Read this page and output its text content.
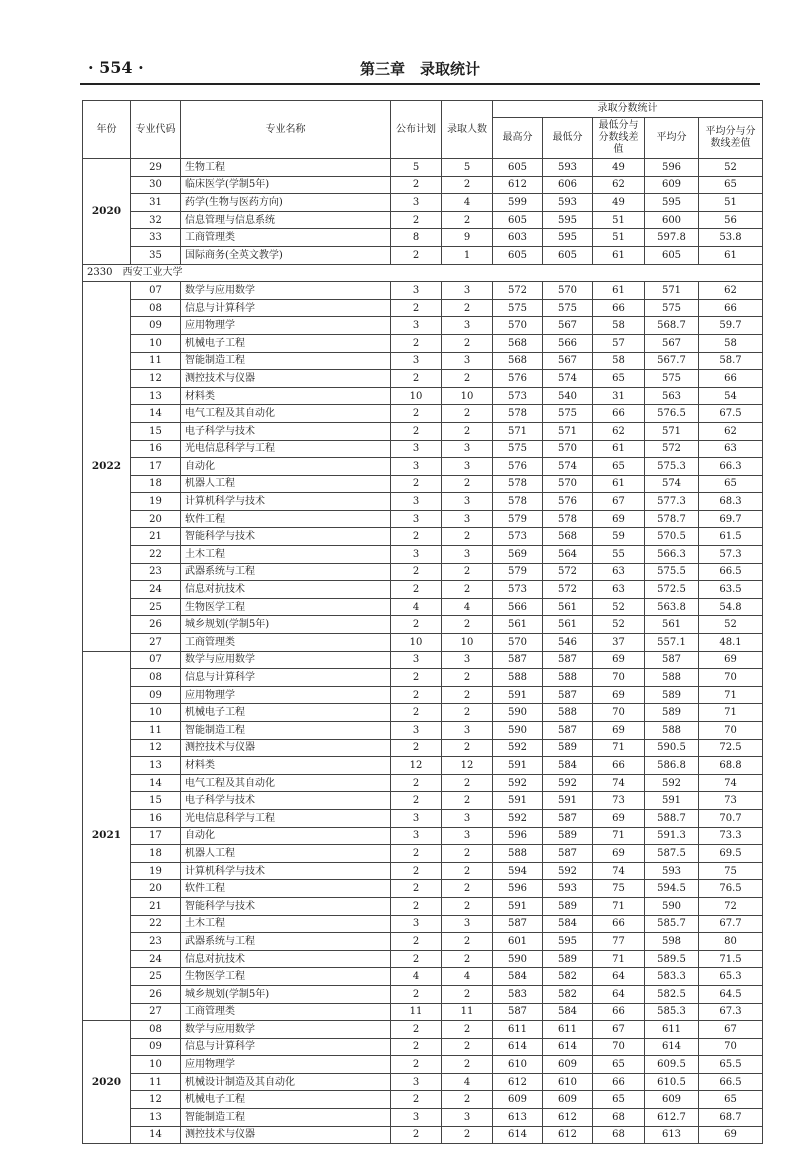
· 554 ·	第三章　录取统计
年份	专业代码	专业名称	公布计划	录取人数	录取分数统计				
					最高分	最低分	最低分与分数线差值	平均分	平均分与分数线差值
2020	29	生物工程	5	5	605	593	49	596	52
	30	临床医学(学制5年)	2	2	612	606	62	609	65
	31	药学(生物与医药方向)	3	4	599	593	49	595	51
	32	信息管理与信息系统	2	2	605	595	51	600	56
	33	工商管理类	8	9	603	595	51	597.8	53.8
	35	国际商务(全英文教学)	2	1	605	605	61	605	61
2330　西安工业大学									
2022	07	数学与应用数学	3	3	572	570	61	571	62
	08	信息与计算科学	2	2	575	575	66	575	66
	09	应用物理学	3	3	570	567	58	568.7	59.7
	10	机械电子工程	2	2	568	566	57	567	58
	11	智能制造工程	3	3	568	567	58	567.7	58.7
	12	测控技术与仪器	2	2	576	574	65	575	66
	13	材料类	10	10	573	540	31	563	54
	14	电气工程及其自动化	2	2	578	575	66	576.5	67.5
	15	电子科学与技术	2	2	571	571	62	571	62
	16	光电信息科学与工程	3	3	575	570	61	572	63
	17	自动化	3	3	576	574	65	575.3	66.3
	18	机器人工程	2	2	578	570	61	574	65
	19	计算机科学与技术	3	3	578	576	67	577.3	68.3
	20	软件工程	3	3	579	578	69	578.7	69.7
	21	智能科学与技术	2	2	573	568	59	570.5	61.5
	22	土木工程	3	3	569	564	55	566.3	57.3
	23	武器系统与工程	2	2	579	572	63	575.5	66.5
	24	信息对抗技术	2	2	573	572	63	572.5	63.5
	25	生物医学工程	4	4	566	561	52	563.8	54.8
	26	城乡规划(学制5年)	2	2	561	561	52	561	52
	27	工商管理类	10	10	570	546	37	557.1	48.1
2021	07	数学与应用数学	3	3	587	587	69	587	69
	08	信息与计算科学	2	2	588	588	70	588	70
	09	应用物理学	2	2	591	587	69	589	71
	10	机械电子工程	2	2	590	588	70	589	71
	11	智能制造工程	3	3	590	587	69	588	70
	12	测控技术与仪器	2	2	592	589	71	590.5	72.5
	13	材料类	12	12	591	584	66	586.8	68.8
	14	电气工程及其自动化	2	2	592	592	74	592	74
	15	电子科学与技术	2	2	591	591	73	591	73
	16	光电信息科学与工程	3	3	592	587	69	588.7	70.7
	17	自动化	3	3	596	589	71	591.3	73.3
	18	机器人工程	2	2	588	587	69	587.5	69.5
	19	计算机科学与技术	2	2	594	592	74	593	75
	20	软件工程	2	2	596	593	75	594.5	76.5
	21	智能科学与技术	2	2	591	589	71	590	72
	22	土木工程	3	3	587	584	66	585.7	67.7
	23	武器系统与工程	2	2	601	595	77	598	80
	24	信息对抗技术	2	2	590	589	71	589.5	71.5
	25	生物医学工程	4	4	584	582	64	583.3	65.3
	26	城乡规划(学制5年)	2	2	583	582	64	582.5	64.5
	27	工商管理类	11	11	587	584	66	585.3	67.3
2020	08	数学与应用数学	2	2	611	611	67	611	67
	09	信息与计算科学	2	2	614	614	70	614	70
	10	应用物理学	2	2	610	609	65	609.5	65.5
	11	机械设计制造及其自动化	3	4	612	610	66	610.5	66.5
	12	机械电子工程	2	2	609	609	65	609	65
	13	智能制造工程	3	3	613	612	68	612.7	68.7
	14	测控技术与仪器	2	2	614	612	68	613	69
